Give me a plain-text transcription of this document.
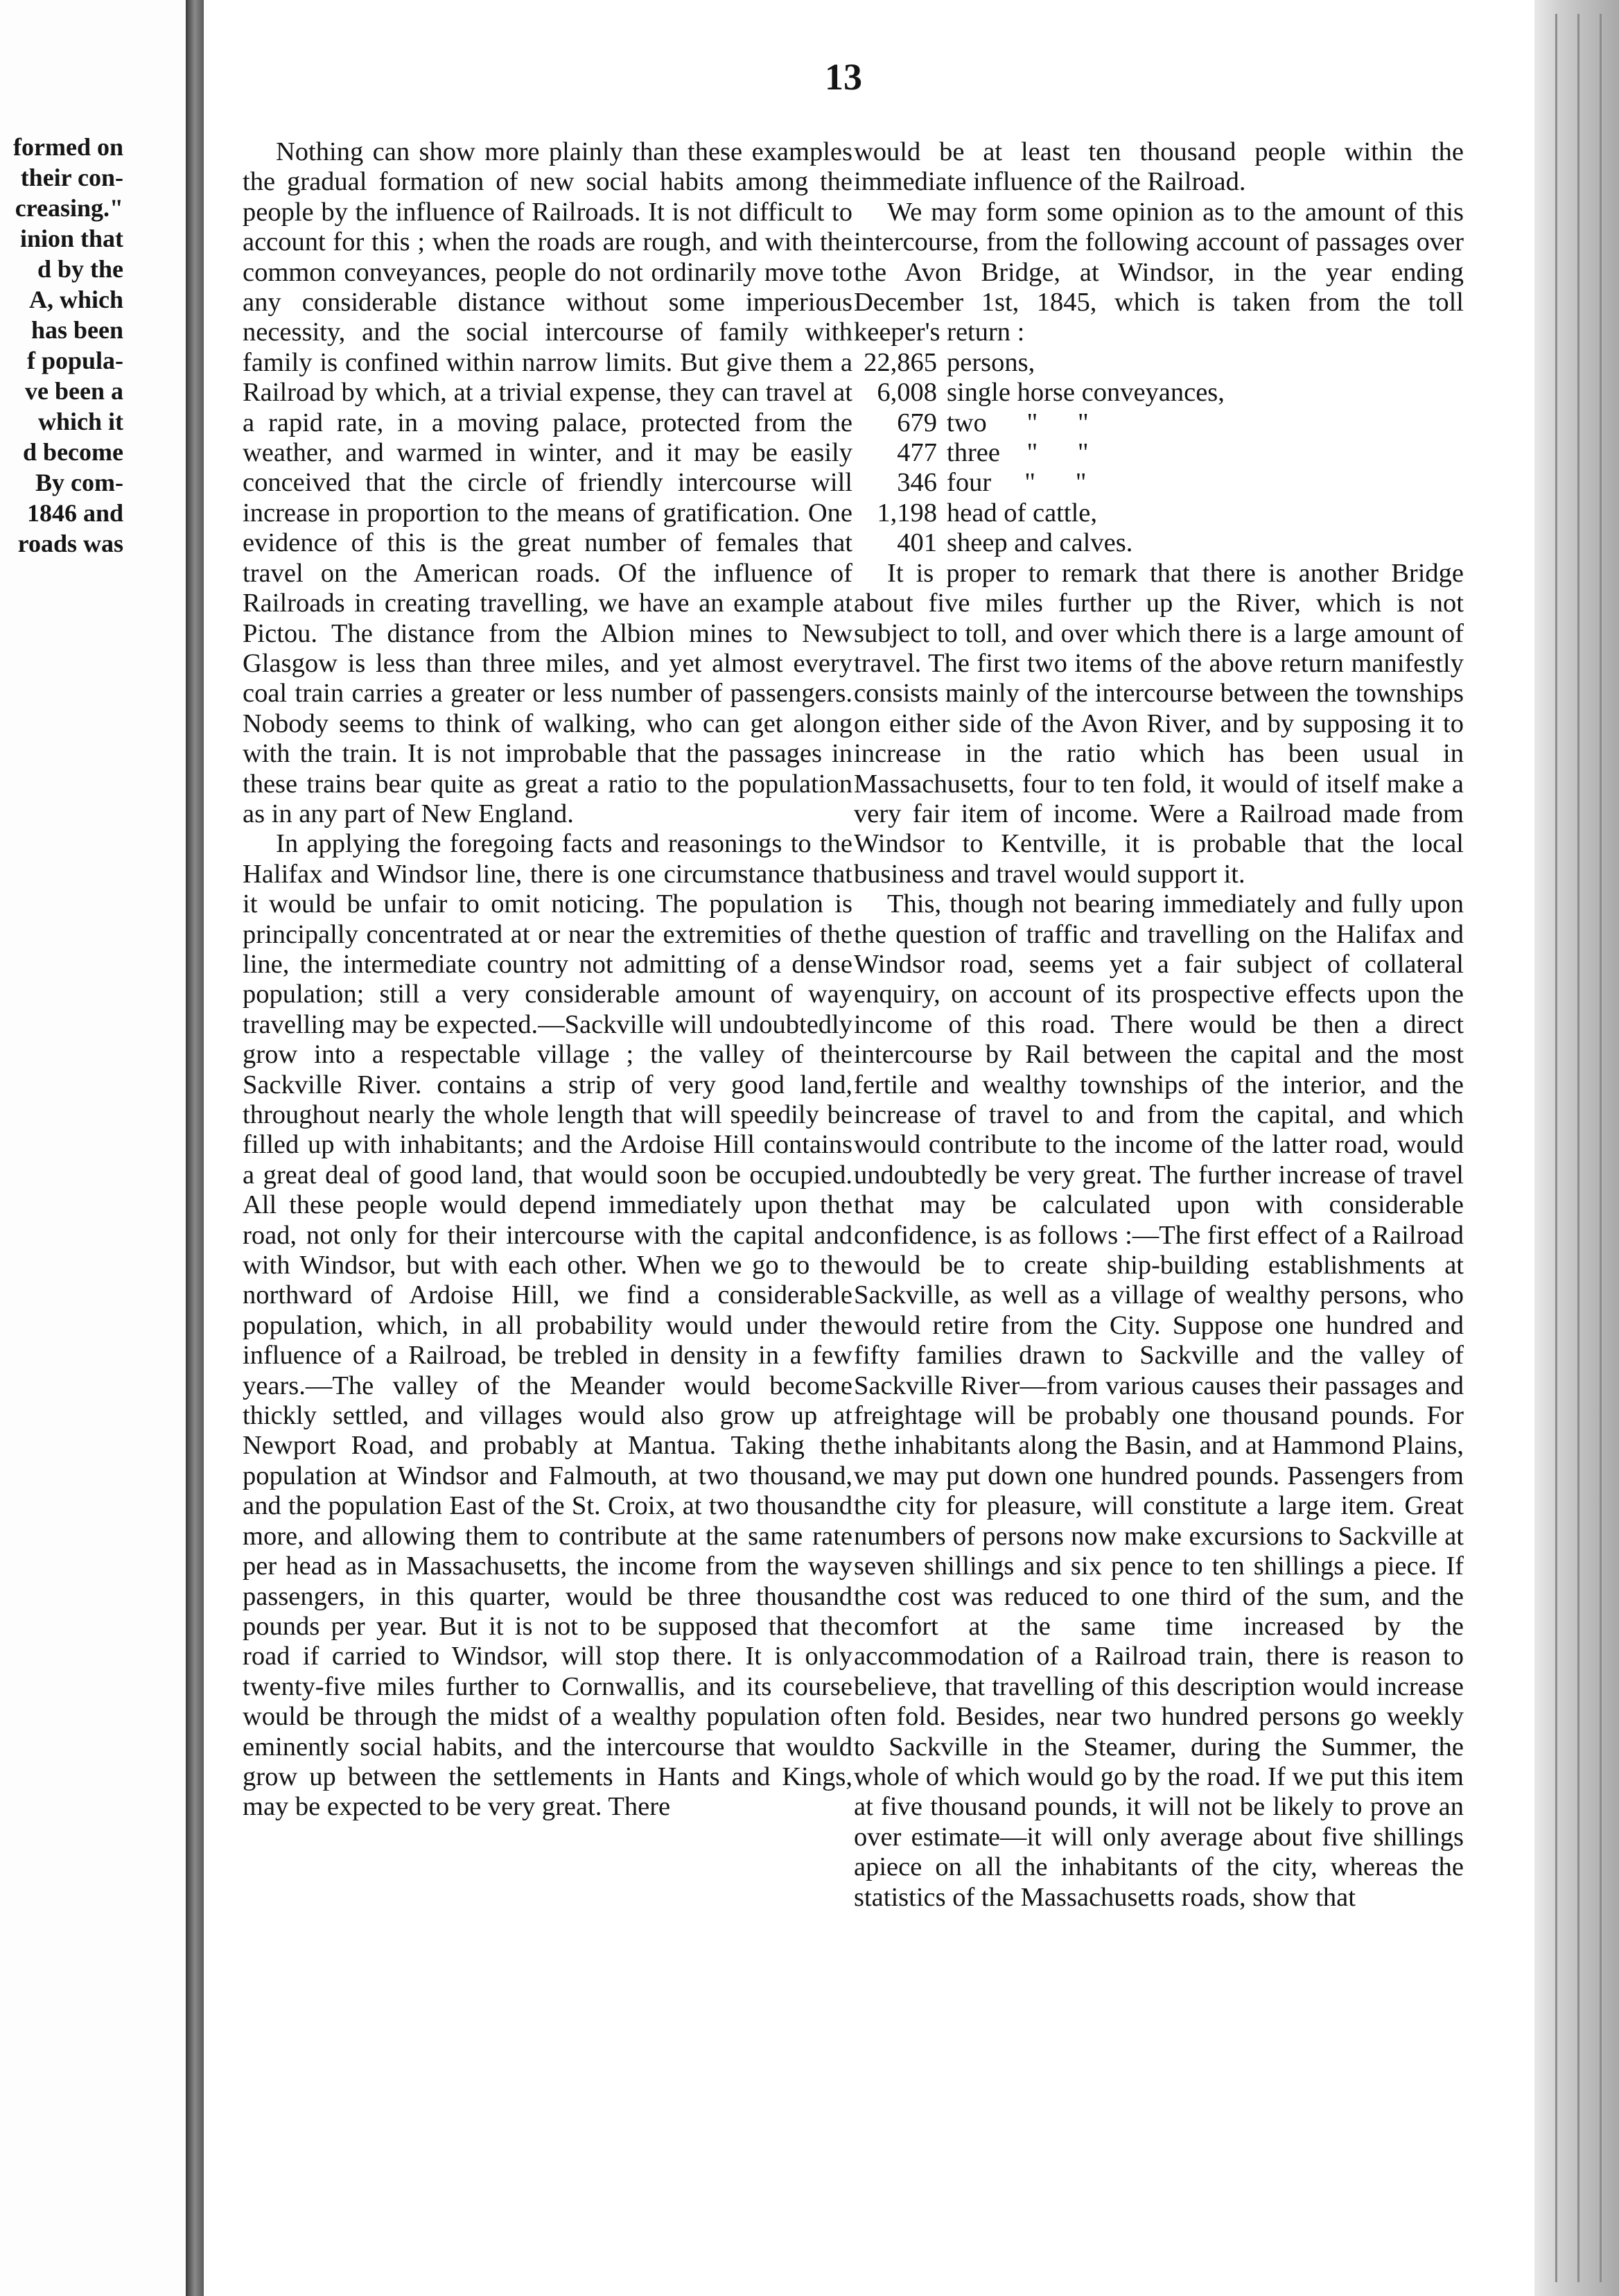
formed on
their con-
creasing."
inion that
d by the
A, which
has been
f popula-
ve been a
which it
d become
By com-
1846 and
roads was
13

Nothing can show more plainly than these examples the gradual formation of new social habits among the people by the influence of Railroads. It is not difficult to account for this ; when the roads are rough, and with the common conveyances, people do not ordinarily move to any considerable distance without some imperious necessity, and the social intercourse of family with family is confined within narrow limits. But give them a Railroad by which, at a trivial expense, they can travel at a rapid rate, in a moving palace, protected from the weather, and warmed in winter, and it may be easily conceived that the circle of friendly intercourse will increase in proportion to the means of gratification. One evidence of this is the great number of females that travel on the American roads. Of the influence of Railroads in creating travelling, we have an example at Pictou. The distance from the Albion mines to New Glasgow is less than three miles, and yet almost every coal train carries a greater or less number of passengers. Nobody seems to think of walking, who can get along with the train. It is not improbable that the passages in these trains bear quite as great a ratio to the population as in any part of New England.

In applying the foregoing facts and reasonings to the Halifax and Windsor line, there is one circumstance that it would be unfair to omit noticing. The population is principally concentrated at or near the extremities of the line, the intermediate country not admitting of a dense population; still a very considerable amount of way travelling may be expected.—Sackville will undoubtedly grow into a respectable village ; the valley of the Sackville River. contains a strip of very good land, throughout nearly the whole length that will speedily be filled up with inhabitants; and the Ardoise Hill contains a great deal of good land, that would soon be occupied. All these people would depend immediately upon the road, not only for their intercourse with the capital and with Windsor, but with each other. When we go to the northward of Ardoise Hill, we find a considerable population, which, in all probability would under the influence of a Railroad, be trebled in density in a few years.—The valley of the Meander would become thickly settled, and villages would also grow up at Newport Road, and probably at Mantua. Taking the population at Windsor and Falmouth, at two thousand, and the population East of the St. Croix, at two thousand more, and allowing them to contribute at the same rate per head as in Massachusetts, the income from the way passengers, in this quarter, would be three thousand pounds per year. But it is not to be supposed that the road if carried to Windsor, will stop there. It is only twenty-five miles further to Cornwallis, and its course would be through the midst of a wealthy population of eminently social habits, and the intercourse that would grow up between the settlements in Hants and Kings, may be expected to be very great. There

would be at least ten thousand people within the immediate influence of the Railroad.

We may form some opinion as to the amount of this intercourse, from the following account of passages over the Avon Bridge, at Windsor, in the year ending December 1st, 1845, which is taken from the toll keeper's return :

22,865 persons,
6,008 single horse conveyances,
679 two      "      "
477 three    "      "
346 four     "      "
1,198 head of cattle,
401 sheep and calves.

It is proper to remark that there is another Bridge about five miles further up the River, which is not subject to toll, and over which there is a large amount of travel. The first two items of the above return manifestly consists mainly of the intercourse between the townships on either side of the Avon River, and by supposing it to increase in the ratio which has been usual in Massachusetts, four to ten fold, it would of itself make a very fair item of income. Were a Railroad made from Windsor to Kentville, it is probable that the local business and travel would support it.

This, though not bearing immediately and fully upon the question of traffic and travelling on the Halifax and Windsor road, seems yet a fair subject of collateral enquiry, on account of its prospective effects upon the income of this road. There would be then a direct intercourse by Rail between the capital and the most fertile and wealthy townships of the interior, and the increase of travel to and from the capital, and which would contribute to the income of the latter road, would undoubtedly be very great. The further increase of travel that may be calculated upon with considerable confidence, is as follows :—The first effect of a Railroad would be to create ship-building establishments at Sackville, as well as a village of wealthy persons, who would retire from the City. Suppose one hundred and fifty families drawn to Sackville and the valley of Sackville River—from various causes their passages and freightage will be probably one thousand pounds. For the inhabitants along the Basin, and at Hammond Plains, we may put down one hundred pounds. Passengers from the city for pleasure, will constitute a large item. Great numbers of persons now make excursions to Sackville at seven shillings and six pence to ten shillings a piece. If the cost was reduced to one third of the sum, and the comfort at the same time increased by the accommodation of a Railroad train, there is reason to believe, that travelling of this description would increase ten fold. Besides, near two hundred persons go weekly to Sackville in the Steamer, during the Summer, the whole of which would go by the road. If we put this item at five thousand pounds, it will not be likely to prove an over estimate—it will only average about five shillings apiece on all the inhabitants of the city, whereas the statistics of the Massachusetts roads, show that
